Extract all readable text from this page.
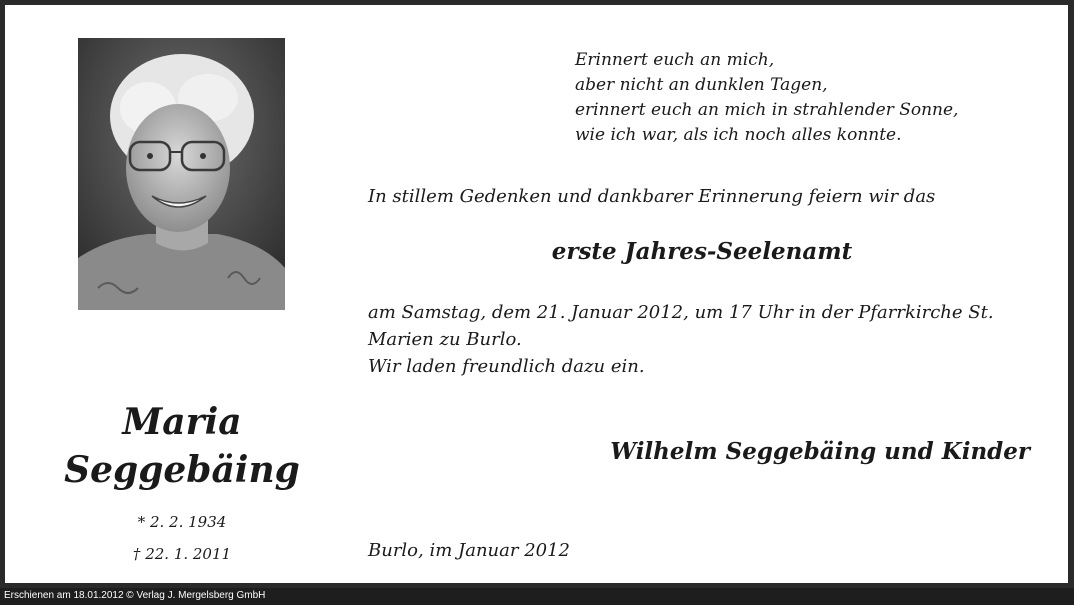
Erinnert euch an mich,
aber nicht an dunklen Tagen,
erinnert euch an mich in strahlender Sonne,
wie ich war, als ich noch alles konnte.
In stillem Gedenken und dankbarer Erinnerung feiern wir das
erste Jahres-Seelenamt
am Samstag, dem 21. Januar 2012, um 17 Uhr in der Pfarrkirche St.
Marien zu Burlo.
Wir laden freundlich dazu ein.
Wilhelm Seggebäing und Kinder
Burlo, im Januar 2012
Maria
Seggebäing
* 2. 2. 1934
† 22. 1. 2011
Erschienen am 18.01.2012 © Verlag J. Mergelsberg GmbH
